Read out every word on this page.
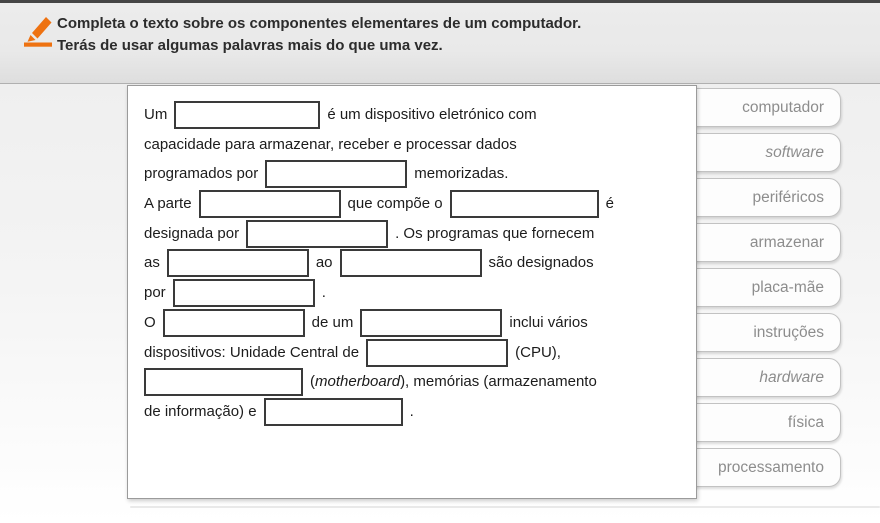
Completa o texto sobre os componentes elementares de um computador.
Terás de usar algumas palavras mais do que uma vez.
computador
software
periféricos
armazenar
placa-mãe
instruções
hardware
física
processamento
Um	é um dispositivo eletrónico com
capacidade para armazenar, receber e processar dados
programados por	memorizadas.
A parte	que compõe o	é
designada por	. Os programas que fornecem
as	ao	são designados
por	.
O	de um	inclui vários
dispositivos: Unidade Central de	(CPU),
(motherboard), memórias (armazenamento
de informação) e	.
